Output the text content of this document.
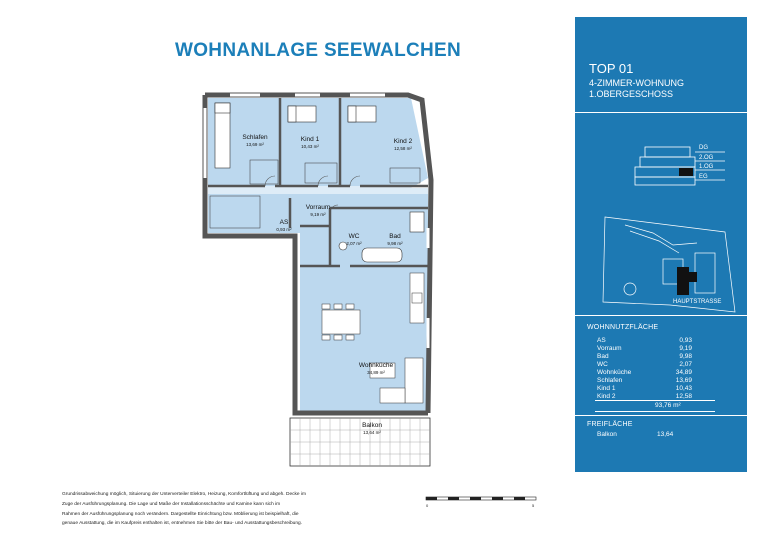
WOHNANLAGE SEEWALCHEN
Schlafen
13,69 m²
Kind 1
10,43 m²
Kind 2
12,58 m²
Vorraum
9,19 m²
AS
0,93 m²
WC
2,07 m²
Bad
9,98 m²
Wohnküche
34,89 m²
Balkon
13,64 m²
TOP 01
4-ZIMMER-WOHNUNG
1.OBERGESCHOSS
DG
2.OG
1.OG
EG
HAUPTSTRASSE
WOHNNUTZFLÄCHE
AS	0,93
Vorraum	9,19
Bad	9,98
WC	2,07
Wohnküche	34,89
Schlafen	13,69
Kind 1	10,43
Kind 2	12,58
93,76 m²
FREIFLÄCHE
Balkon	13,64
Grundrissabweichung möglich, Situierung der Unterverteiler Elektro, Heizung, Komfortlüftung und abgeh. Decke im
Zuge der Ausführungsplanung. Die Lage und Maße der Installationsschächte und Kamine kann sich im
Rahmen der Ausführungsplanung noch verändern. Dargestellte Einrichtung bzw. Möblierung ist beispielhaft, die
genaue Ausstattung, die im Kaufpreis enthalten ist, entnehmen Sie bitte der Bau- und Ausstattungsbeschreibung.
0	5
